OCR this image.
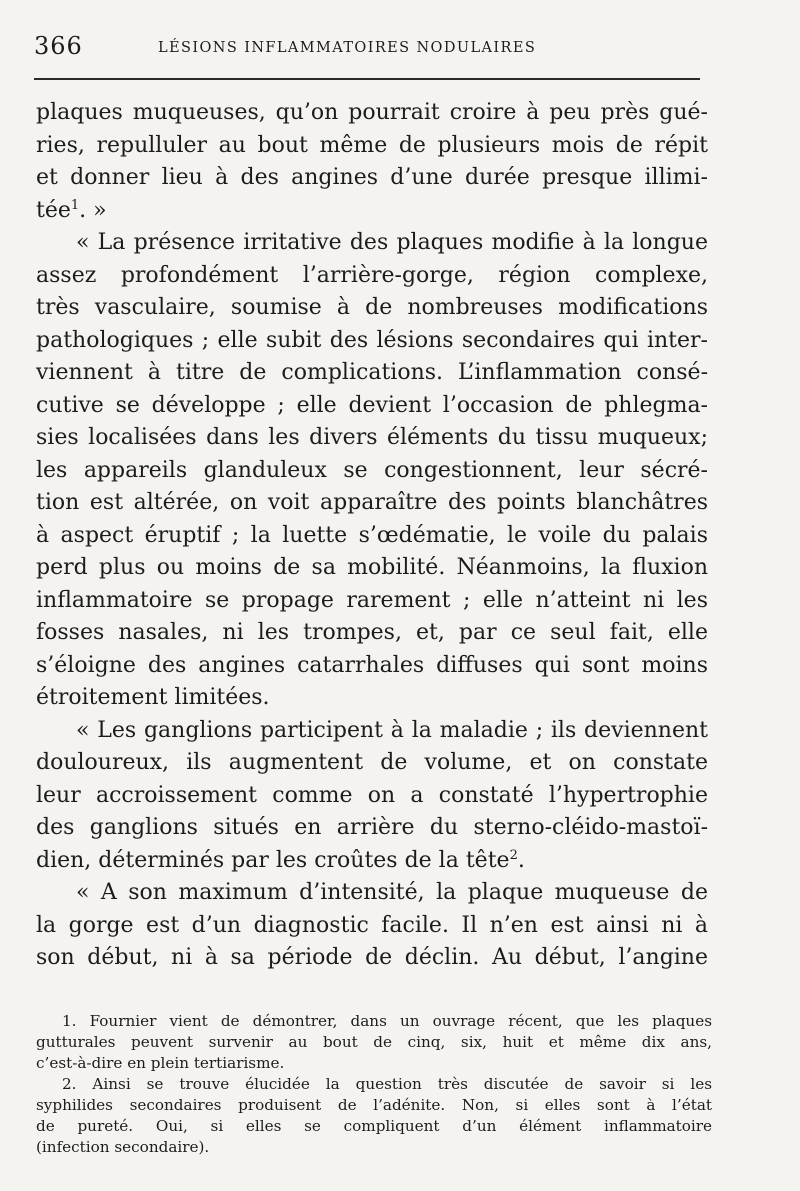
366	LÉSIONS INFLAMMATOIRES NODULAIRES
plaques muqueuses, qu’on pourrait croire à peu près gué-
ries, repulluler au bout même de plusieurs mois de répit
et donner lieu à des angines d’une durée presque illimi-
tée$^1$. »
« La présence irritative des plaques modifie à la longue
assez profondément l’arrière-gorge, région complexe,
très vasculaire, soumise à de nombreuses modifications
pathologiques ; elle subit des lésions secondaires qui inter-
viennent à titre de complications. L’inflammation consé-
cutive se développe ; elle devient l’occasion de phlegma-
sies localisées dans les divers éléments du tissu muqueux;
les appareils glanduleux se congestionnent, leur sécré-
tion est altérée, on voit apparaître des points blanchâtres
à aspect éruptif ; la luette s’œdématie, le voile du palais
perd plus ou moins de sa mobilité. Néanmoins, la fluxion
inflammatoire se propage rarement ; elle n’atteint ni les
fosses nasales, ni les trompes, et, par ce seul fait, elle
s’éloigne des angines catarrhales diffuses qui sont moins
étroitement limitées.
« Les ganglions participent à la maladie ; ils deviennent
douloureux, ils augmentent de volume, et on constate
leur accroissement comme on a constaté l’hypertrophie
des ganglions situés en arrière du sterno-cléido-mastoï-
dien, déterminés par les croûtes de la tête$^2$.
« A son maximum d’intensité, la plaque muqueuse de
la gorge est d’un diagnostic facile. Il n’en est ainsi ni à
son début, ni à sa période de déclin. Au début, l’angine
1. Fournier vient de démontrer, dans un ouvrage récent, que les plaques
gutturales peuvent survenir au bout de cinq, six, huit et même dix ans,
c’est-à-dire en plein tertiarisme.
2. Ainsi se trouve élucidée la question très discutée de savoir si les
syphilides secondaires produisent de l’adénite. Non, si elles sont à l’état
de pureté. Oui, si elles se compliquent d’un élément inflammatoire
(infection secondaire).
